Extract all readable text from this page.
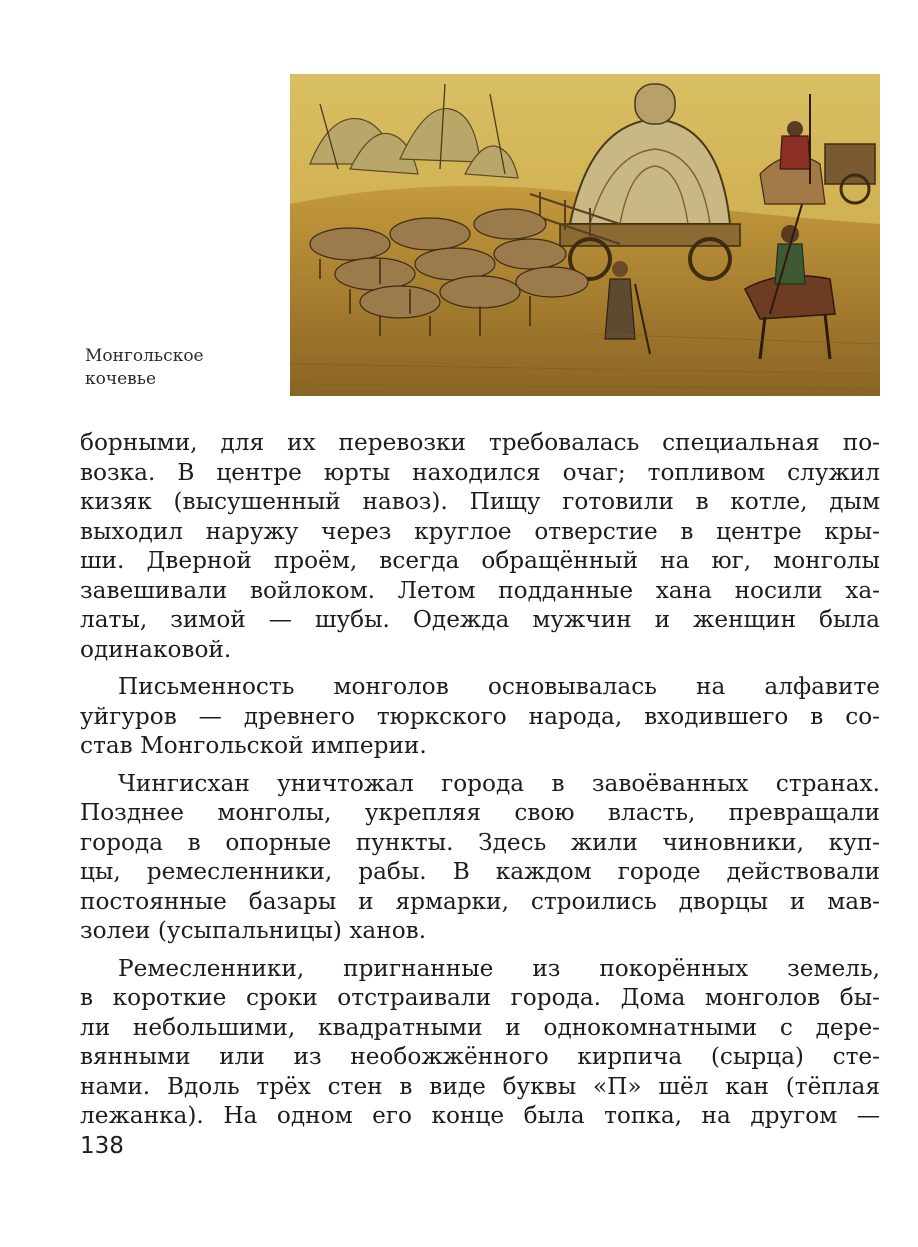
Монгольское
кочевье
борными, для их перевозки требовалась специальная по-
возка. В центре юрты находился очаг; топливом служил
кизяк (высушенный навоз). Пищу готовили в котле, дым
выходил наружу через круглое отверстие в центре кры-
ши. Дверной проём, всегда обращённый на юг, монголы
завешивали войлоком. Летом подданные хана носили ха-
латы, зимой — шубы. Одежда мужчин и женщин была
одинаковой.
Письменность монголов основывалась на алфавите
уйгуров — древнего тюркского народа, входившего в со-
став Монгольской империи.
Чингисхан уничтожал города в завоёванных странах.
Позднее монголы, укрепляя свою власть, превращали
города в опорные пункты. Здесь жили чиновники, куп-
цы, ремесленники, рабы. В каждом городе действовали
постоянные базары и ярмарки, строились дворцы и мав-
золеи (усыпальницы) ханов.
Ремесленники, пригнанные из покорённых земель,
в короткие сроки отстраивали города. Дома монголов бы-
ли небольшими, квадратными и однокомнатными с дере-
вянными или из необожжённого кирпича (сырца) сте-
нами. Вдоль трёх стен в виде буквы «П» шёл кан (тёплая
лежанка). На одном его конце была топка, на другом —
138
